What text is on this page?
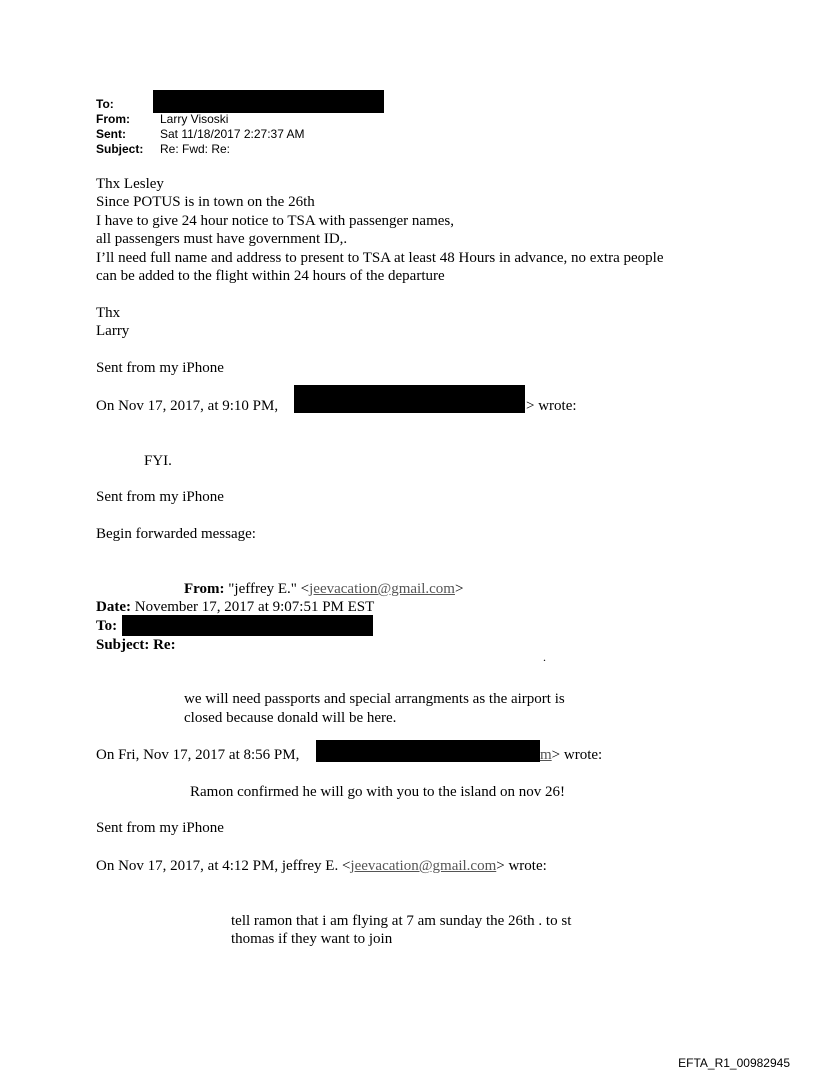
To:
From:	Larry Visoski
Sent:	Sat 11/18/2017 2:27:37 AM
Subject: Re: Fwd: Re:
Thx Lesley
Since POTUS is in town on the 26th
I have to give 24 hour notice to TSA with passenger names,
all passengers must have government ID,.
I’ll need full name and address to present to TSA at least 48 Hours in advance, no extra people
can be added to the flight within 24 hours of the departure
Thx
Larry
Sent from my iPhone
On Nov 17, 2017, at 9:10 PM,	> wrote:
FYI.
Sent from my iPhone
Begin forwarded message:
From: "jeffrey E." <jeevacation@gmail.com>
Date: November 17, 2017 at 9:07:51 PM EST
To:
Subject: Re:
.
we will need passports and special arrangments as the airport is
closed because donald will be here.
On Fri, Nov 17, 2017 at 8:56 PM,	m> wrote:
Ramon confirmed he will go with you to the island on nov 26!
Sent from my iPhone
On Nov 17, 2017, at 4:12 PM, jeffrey E. <jeevacation@gmail.com> wrote:
tell ramon that i am flying at 7 am sunday the 26th . to st
thomas if they want to join
EFTA_R1_00982945
